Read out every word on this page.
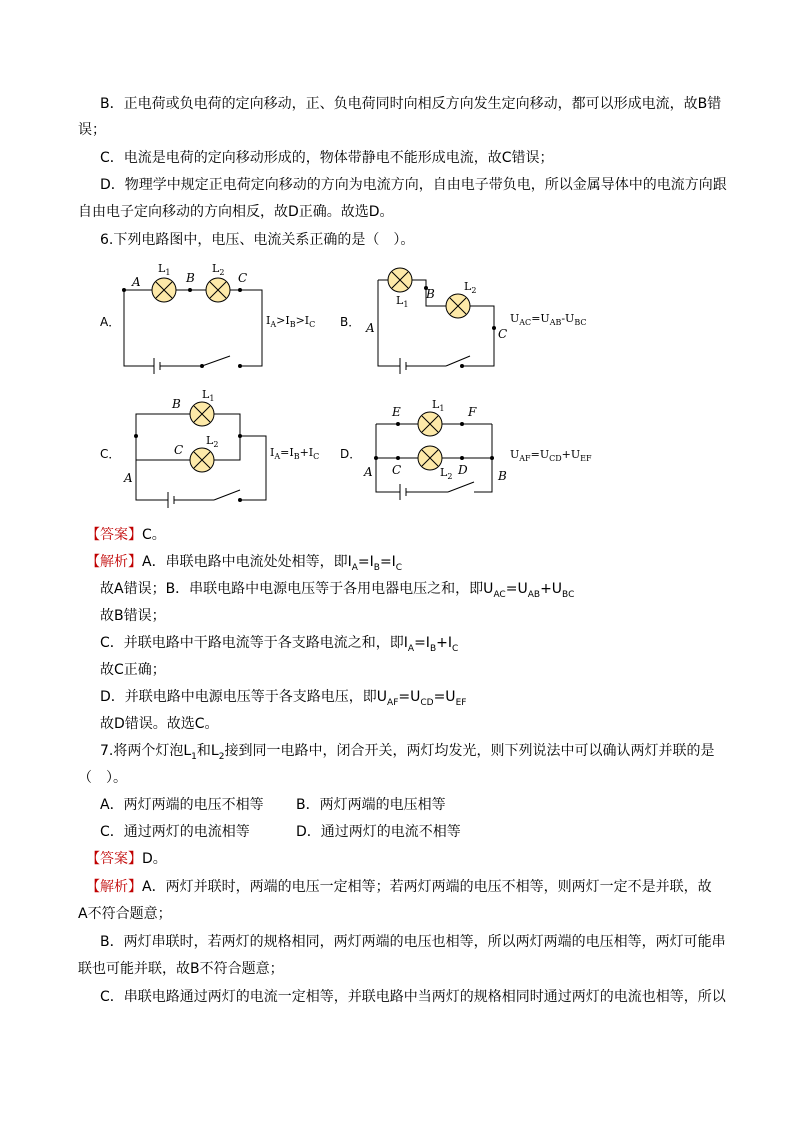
B．正电荷或负电荷的定向移动，正、负电荷同时向相反方向发生定向移动，都可以形成电流，故B错
误；
C．电流是电荷的定向移动形成的，物体带静电不能形成电流，故C错误；
D．物理学中规定正电荷定向移动的方向为电流方向，自由电子带负电，所以金属导体中的电流方向跟
自由电子定向移动的方向相反，故D正确。故选D。
6.下列电路图中，电压、电流关系正确的是（　）。
A．
A	B	C
$L_1$	$L_2$
$I_A>I_B>I_C$ B． A
B
C
$L_1$
$L_2$
$U_{AC}=U_{AB}-U_{BC}$
C．
A
B
C
$L_1$
$L_2$
$I_A=I_B+I_C$ D．
A	B
C	D
E	F
$L_1$
$L_2$
$U_{AF}=U_{CD}+U_{EF}$
【答案】C。
【解析】A．串联电路中电流处处相等，即$I_A=I_B=I_C$
故A错误；B．串联电路中电源电压等于各用电器电压之和，即$U_{AC}=U_{AB}+U_{BC}$
故B错误；
C．并联电路中干路电流等于各支路电流之和，即$I_A=I_B+I_C$
故C正确；
D．并联电路中电源电压等于各支路电压，即$U_{AF}=U_{CD}=U_{EF}$
故D错误。故选C。
7.将两个灯泡$L_1$和$L_2$接到同一电路中，闭合开关，两灯均发光，则下列说法中可以确认两灯并联的是
（　）。
A．两灯两端的电压不相等 B．两灯两端的电压相等
C．通过两灯的电流相等	D．通过两灯的电流不相等
【答案】D。
【解析】A．两灯并联时，两端的电压一定相等；若两灯两端的电压不相等，则两灯一定不是并联，故
A不符合题意；
B．两灯串联时，若两灯的规格相同，两灯两端的电压也相等，所以两灯两端的电压相等，两灯可能串
联也可能并联，故B不符合题意；
C．串联电路通过两灯的电流一定相等，并联电路中当两灯的规格相同时通过两灯的电流也相等，所以
